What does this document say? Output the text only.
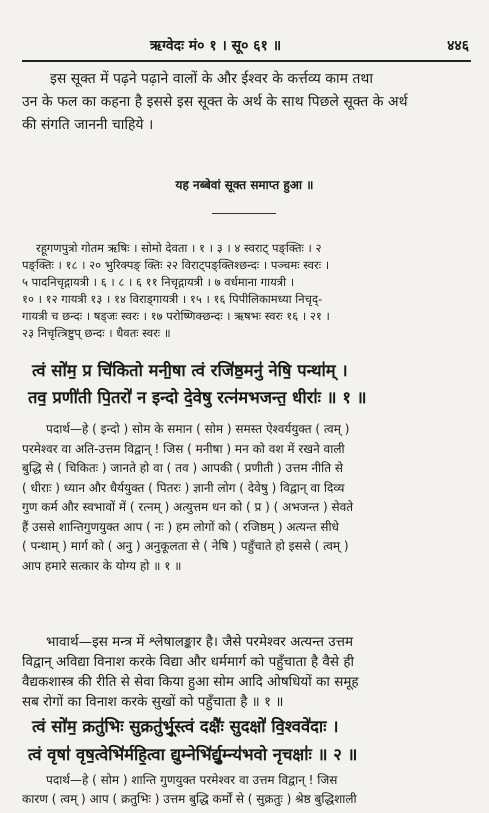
ऋग्वेदः मं० १ । सू० ६१ ॥	४४६
इस सूक्त में पढ़ने पढ़ाने वालों के और ईश्वर के कर्त्तव्य काम तथा
उन के फल का कहना है इससे इस सूक्त के अर्थ के साथ पिछले सूक्त के अर्थ
की संगति जाननी चाहिये ।
यह नब्बेवां सूक्त समाप्त हुआ ॥
रहूगणपुत्रो गोतम ऋषिः । सोमो देवता । १ । ३ । ४ स्वराट् पङ्क्तिः । २
पङ्क्तिः । १८ । २० भुरिक्पङ् क्तिः २२ विराट्पङ्क्तिश्छन्दः । पञ्चमः स्वरः ।
५ पादनिचृद्गायत्री । ६ । ८ । ६ ११ निचृद्गायत्री । ७ वर्धमाना गायत्री ।
१० । १२ गायत्री १३ । १४ विराड्गायत्री । १५ । १६ पिपीलिकामध्या निचृद्-
गायत्री च छन्दः । षड्जः स्वरः । १७ परोष्णिक्छन्दः । ऋषभः स्वरः १६ । २१ ।
२३ निचृत्त्रिष्टुप् छन्दः । धैवतः स्वरः ॥
त्वं सो॑म॒ प्र चि॑कितो मनी॒षा त्वं रजि॑ष्ठ॒मनु॑ नेषि॒ पन्था॑म् ।
तव॒ प्रणी॑ती पि॒तरो॑ न इन्दो दे॒वेषु॒ रत्न॑मभजन्त॒ धीराः॑ ॥ १ ॥
पदार्थ—हे ( इन्दो ) सोम के समान ( सोम ) समस्त ऐश्वर्ययुक्त ( त्वम् )
परमेश्वर वा अति-उत्तम विद्वान् ! जिस ( मनीषा ) मन को वश में रखने वाली
बुद्धि से ( चिकितः ) जानते हो वा ( तव ) आपकी ( प्रणीती ) उत्तम नीति से
( धीराः ) ध्यान और धैर्ययुक्त ( पितरः ) ज्ञानी लोग ( देवेषु ) विद्वान् वा दिव्य
गुण कर्म और स्वभावों में ( रत्नम् ) अत्युत्तम धन को ( प्र ) ( अभजन्त ) सेवते
हैं उससे शान्तिगुणयुक्त आप ( नः ) हम लोगों को ( रजिष्ठम् ) अत्यन्त सीधे
( पन्थाम् ) मार्ग को ( अनु ) अनुकूलता से ( नेषि ) पहुँचाते हो इससे ( त्वम् )
आप हमारे सत्कार के योग्य हो ॥ १ ॥
भावार्थ—इस मन्त्र में श्लेषालङ्कार है। जैसे परमेश्वर अत्यन्त उत्तम
विद्वान् अविद्या विनाश करके विद्या और धर्ममार्ग को पहुँचाता है वैसे ही
वैद्यकशास्त्र की रीति से सेवा किया हुआ सोम आदि ओषधियों का समूह
सब रोगों का विनाश करके सुखों को पहुँचाता है ॥ १ ॥
त्वं सो॑म॒ क्रतु॑भिः सु॒क्रतु॑र्भू॒स्त्वं दक्षैः॑ सु॒दक्षो॑ वि॒श्ववे॑दाः ।
त्वं वृषा॑ वृष॒त्वेभि॑र्महि॒त्वा द्यु॒म्नेभि॑र्द्यु॒म्न्य॑भवो नृ॒चक्षाः॑ ॥ २ ॥
पदार्थ—हे ( सोम ) शान्ति गुणयुक्त परमेश्वर वा उत्तम विद्वान् ! जिस
कारण ( त्वम् ) आप ( क्रतुभिः ) उत्तम बुद्धि कर्मों से ( सुक्रतुः ) श्रेष्ठ बुद्धिशाली
